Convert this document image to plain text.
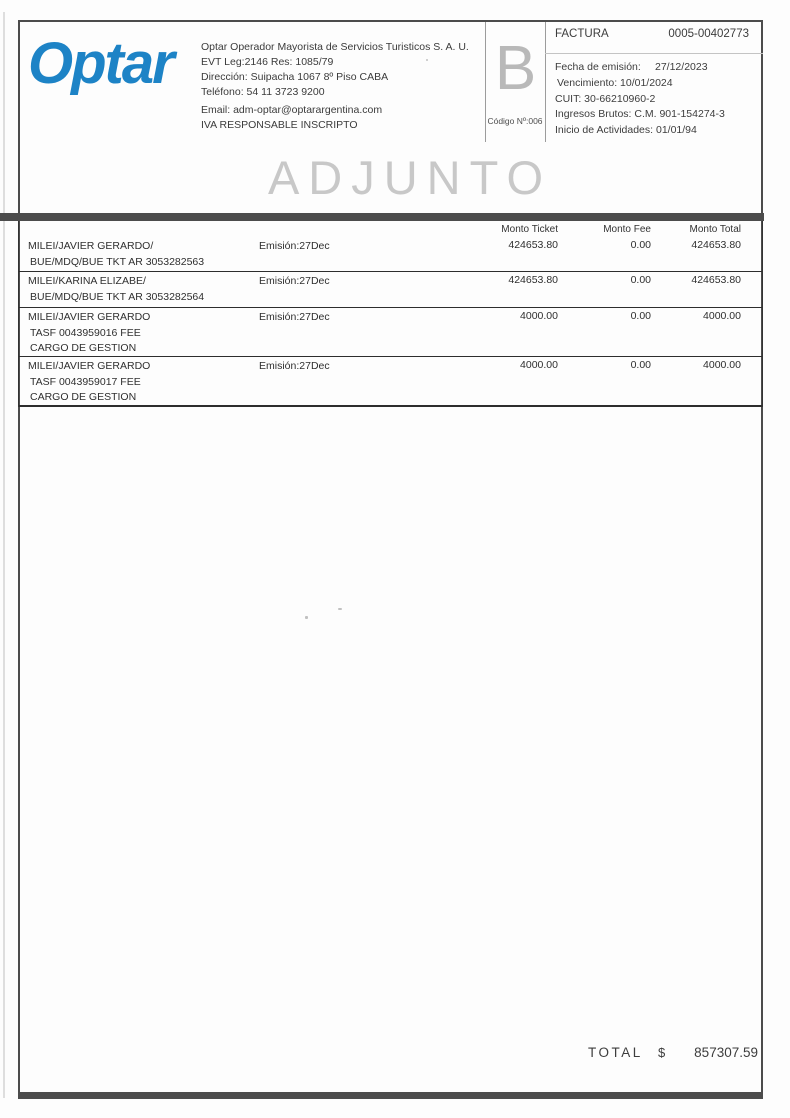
Optar	Optar Operador Mayorista de Servicios Turisticos S. A. U.
EVT Leg:2146 Res: 1085/79
Dirección: Suipacha 1067 8º Piso CABA
Teléfono: 54 11 3723 9200
Email: adm-optar@optarargentina.com
IVA RESPONSABLE INSCRIPTO
B
Código Nº:006
FACTURA	0005-00402773
Fecha de emisión: 27/12/2023
Vencimiento: 10/01/2024
CUIT: 30-66210960-2
Ingresos Brutos: C.M. 901-154274-3
Inicio de Actividades: 01/01/94
ADJUNTO
Monto Ticket	Monto Fee	Monto Total
MILEI/JAVIER GERARDO/
BUE/MDQ/BUE TKT AR 3053282563
Emisión:27Dec	424653.80	0.00	424653.80
MILEI/KARINA ELIZABE/
BUE/MDQ/BUE TKT AR 3053282564
Emisión:27Dec	424653.80	0.00	424653.80
MILEI/JAVIER GERARDO
TASF 0043959016 FEE
CARGO DE GESTION
Emisión:27Dec	4000.00	0.00	4000.00
MILEI/JAVIER GERARDO
TASF 0043959017 FEE
CARGO DE GESTION
Emisión:27Dec	4000.00	0.00	4000.00
TOTAL $	857307.59
